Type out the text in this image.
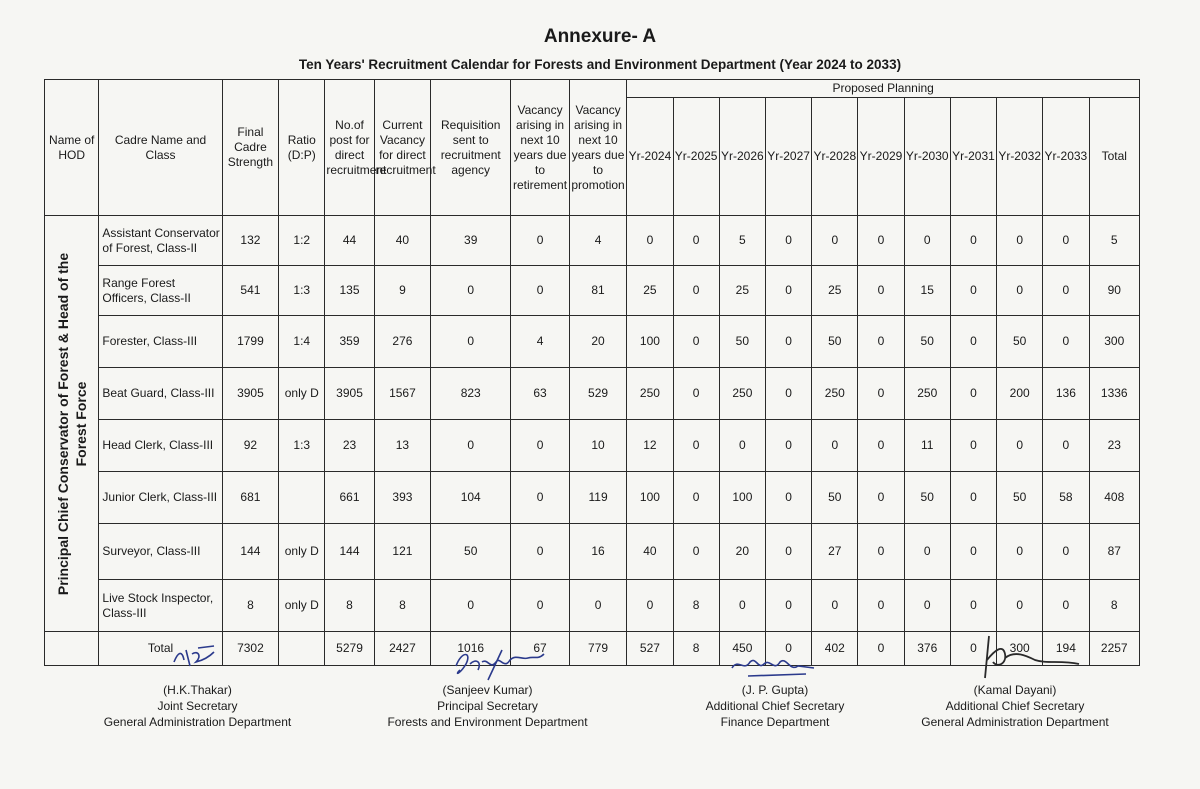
Annexure- A
Ten Years' Recruitment Calendar for Forests and Environment Department (Year 2024 to 2033)
Name of HOD	Cadre Name and Class	Final Cadre Strength	Ratio (D:P)	No.of post for direct recruitment	Current Vacancy for direct recruitment	Requisition sent to recruitment agency	Vacancy arising in next 10 years due to retirement	Vacancy arising in next 10 years due to promotion	Proposed Planning										
									Yr-2024	Yr-2025	Yr-2026	Yr-2027	Yr-2028	Yr-2029	Yr-2030	Yr-2031	Yr-2032	Yr-2033	Total

Principal Chief Conservator of Forest & Head of the Forest Force	Assistant Conservator of Forest, Class-II	132	1:2	44	40	39	0	4	0	0	5	0	0	0	0	0	0	0	5
	Range Forest Officers, Class-II	541	1:3	135	9	0	0	81	25	0	25	0	25	0	15	0	0	0	90
	Forester, Class-III	1799	1:4	359	276	0	4	20	100	0	50	0	50	0	50	0	50	0	300
	Beat Guard, Class-III	3905	only D	3905	1567	823	63	529	250	0	250	0	250	0	250	0	200	136	1336
	Head Clerk, Class-III	92	1:3	23	13	0	0	10	12	0	0	0	0	0	11	0	0	0	23
	Junior Clerk, Class-III	681		661	393	104	0	119	100	0	100	0	50	0	50	0	50	58	408
	Surveyor, Class-III	144	only D	144	121	50	0	16	40	0	20	0	27	0	0	0	0	0	87
	Live Stock Inspector, Class-III	8	only D	8	8	0	0	0	0	8	0	0	0	0	0	0	0	0	8
	Total	7302		5279	2427	1016	67	779	527	8	450	0	402	0	376	0	300	194	2257
(H.K.Thakar)
Joint Secretary
General Administration Department
(Sanjeev Kumar)
Principal Secretary
Forests and Environment Department
(J. P. Gupta)
Additional Chief Secretary
Finance Department
(Kamal Dayani)
Additional Chief Secretary
General Administration Department
